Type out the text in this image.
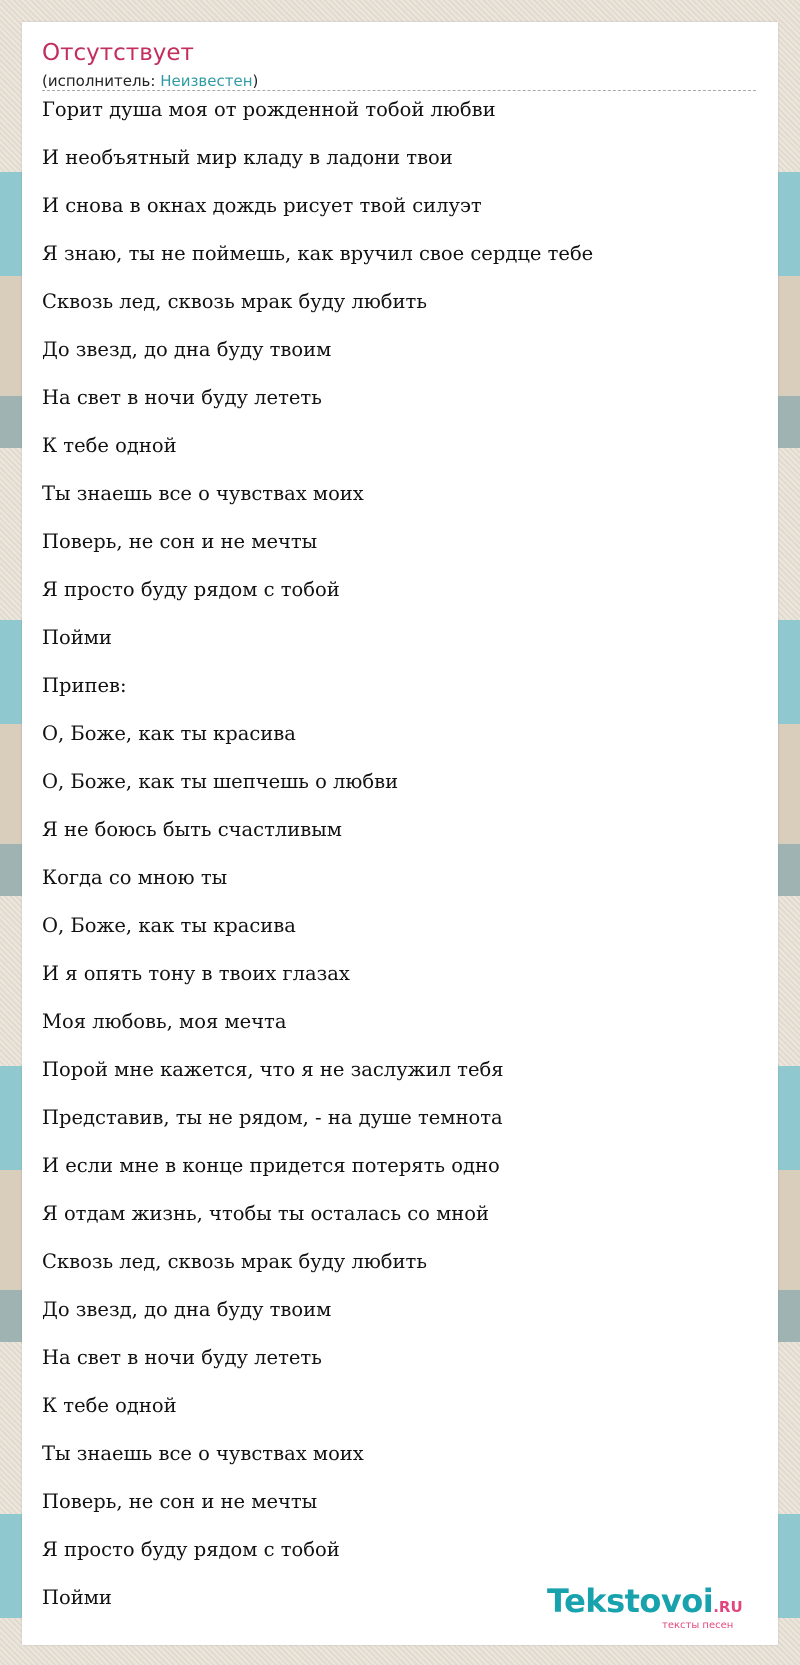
Отсутствует
(исполнитель: Неизвестен)
Горит душа моя от рожденной тобой любви
И необъятный мир кладу в ладони твои
И снова в окнах дождь рисует твой силуэт
Я знаю, ты не поймешь, как вручил свое сердце тебе
Сквозь лед, сквозь мрак буду любить
До звезд, до дна буду твоим
На свет в ночи буду лететь
К тебе одной
Ты знаешь все о чувствах моих
Поверь, не сон и не мечты
Я просто буду рядом с тобой
Пойми
Припев:
О, Боже, как ты красива
О, Боже, как ты шепчешь о любви
Я не боюсь быть счастливым
Когда со мною ты
О, Боже, как ты красива
И я опять тону в твоих глазах
Моя любовь, моя мечта
Порой мне кажется, что я не заслужил тебя
Представив, ты не рядом, - на душе темнота
И если мне в конце придется потерять одно
Я отдам жизнь, чтобы ты осталась со мной
Сквозь лед, сквозь мрак буду любить
До звезд, до дна буду твоим
На свет в ночи буду лететь
К тебе одной
Ты знаешь все о чувствах моих
Поверь, не сон и не мечты
Я просто буду рядом с тобой
Пойми	Tekstovoi.RU
тексты песен
